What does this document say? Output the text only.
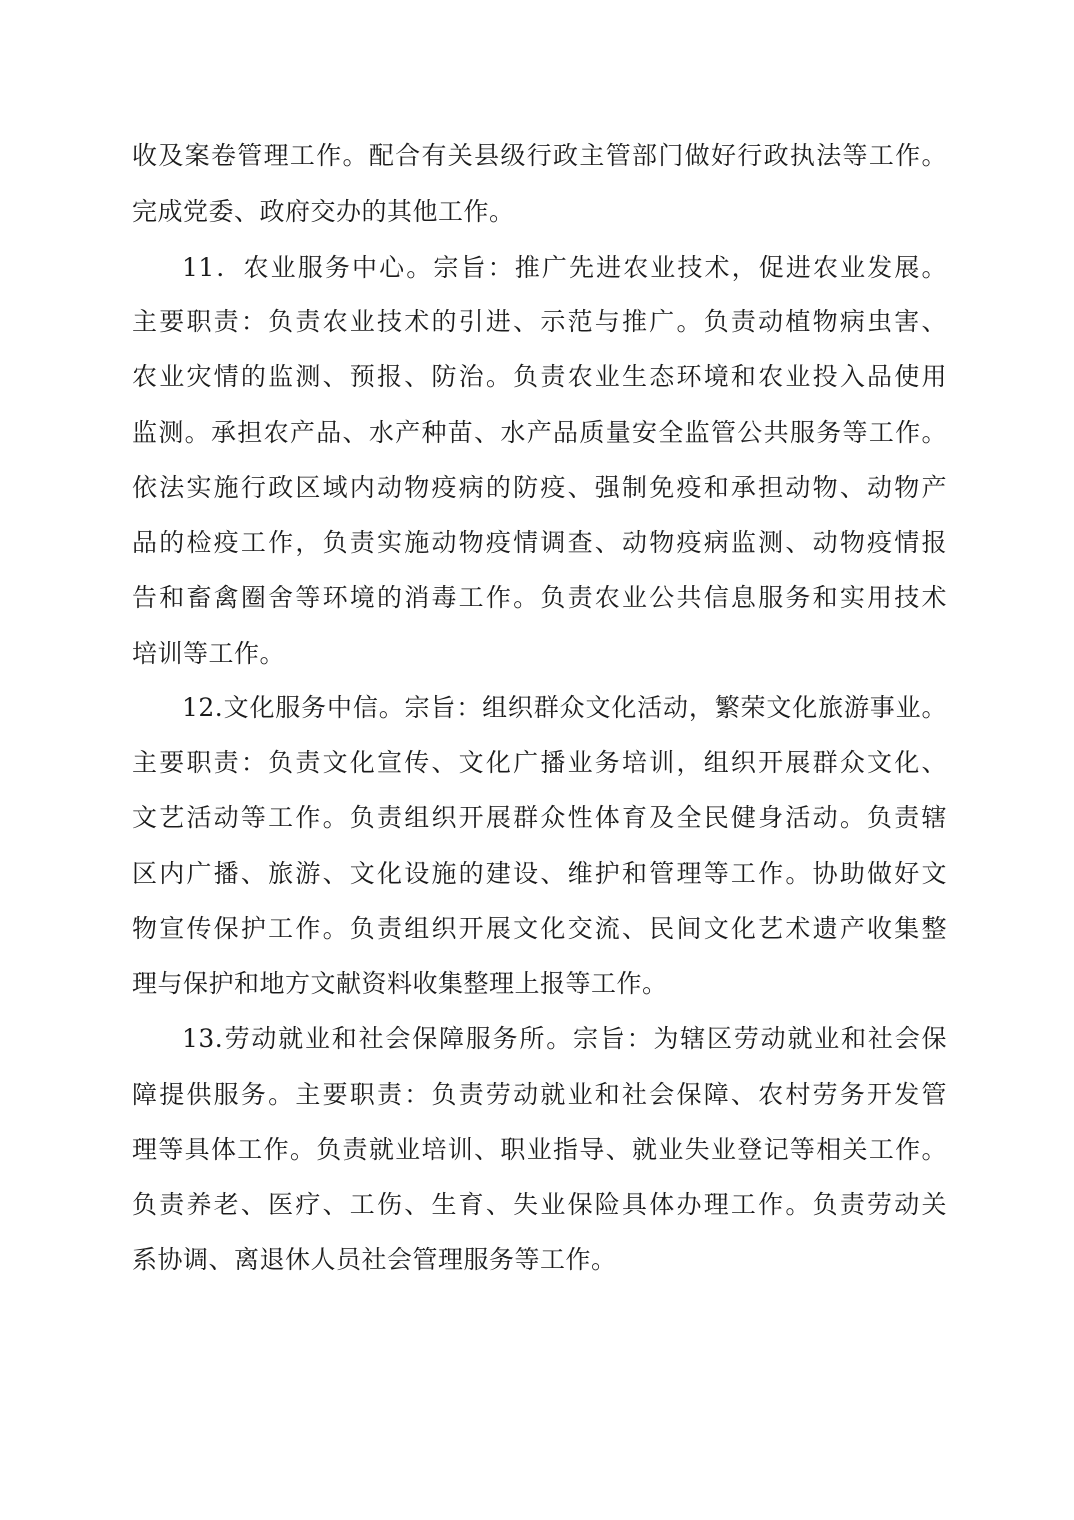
收及案卷管理工作。配合有关县级行政主管部门做好行政执法等工作。
完成党委、政府交办的其他工作。
11．农业服务中心。宗旨：推广先进农业技术，促进农业发展。
主要职责：负责农业技术的引进、示范与推广。负责动植物病虫害、
农业灾情的监测、预报、防治。负责农业生态环境和农业投入品使用
监测。承担农产品、水产种苗、水产品质量安全监管公共服务等工作。
依法实施行政区域内动物疫病的防疫、强制免疫和承担动物、动物产
品的检疫工作，负责实施动物疫情调查、动物疫病监测、动物疫情报
告和畜禽圈舍等环境的消毒工作。负责农业公共信息服务和实用技术
培训等工作。
12.文化服务中信。宗旨：组织群众文化活动，繁荣文化旅游事业。
主要职责：负责文化宣传、文化广播业务培训，组织开展群众文化、
文艺活动等工作。负责组织开展群众性体育及全民健身活动。负责辖
区内广播、旅游、文化设施的建设、维护和管理等工作。协助做好文
物宣传保护工作。负责组织开展文化交流、民间文化艺术遗产收集整
理与保护和地方文献资料收集整理上报等工作。
13.劳动就业和社会保障服务所。宗旨：为辖区劳动就业和社会保
障提供服务。主要职责：负责劳动就业和社会保障、农村劳务开发管
理等具体工作。负责就业培训、职业指导、就业失业登记等相关工作。
负责养老、医疗、工伤、生育、失业保险具体办理工作。负责劳动关
系协调、离退休人员社会管理服务等工作。
